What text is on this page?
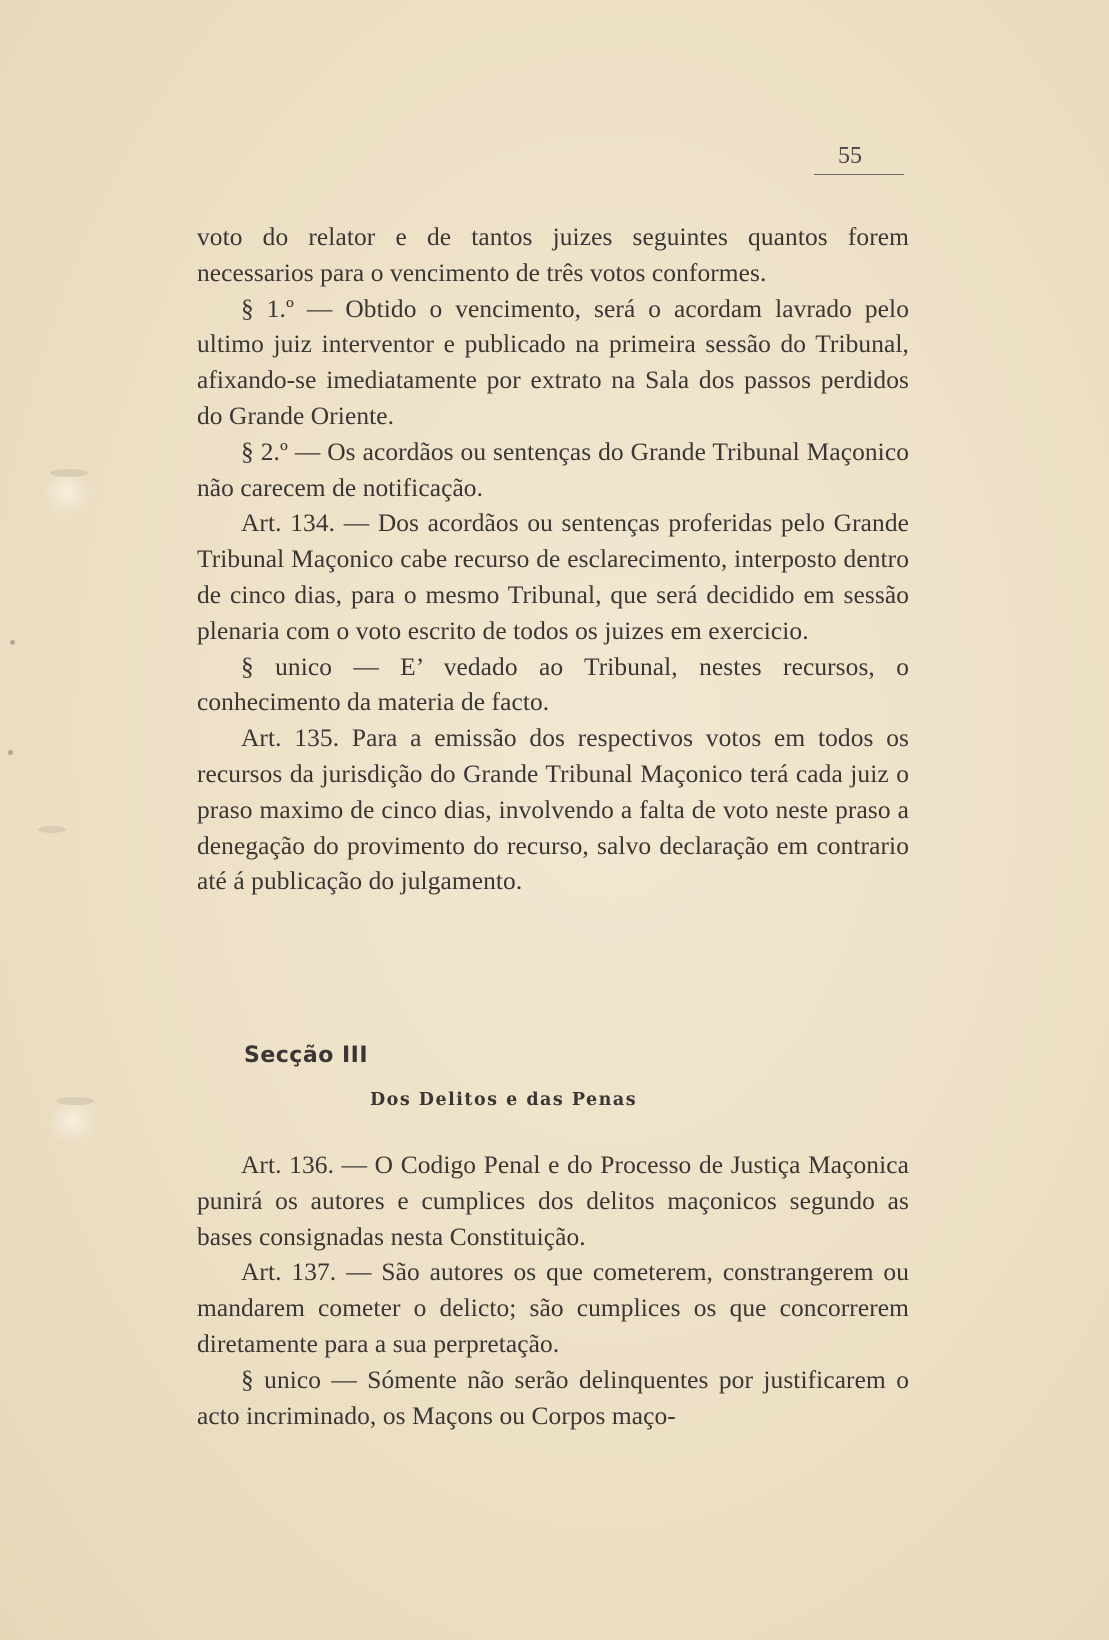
55

voto do relator e de tantos juizes seguintes quantos forem necessarios para o vencimento de três votos conformes.

§ 1.º — Obtido o vencimento, será o acordam lavrado pelo ultimo juiz interventor e publicado na primeira sessão do Tribunal, afixando-se imediatamente por extrato na Sala dos passos perdidos do Grande Oriente.

§ 2.º — Os acordãos ou sentenças do Grande Tribunal Maçonico não carecem de notificação.

Art. 134. — Dos acordãos ou sentenças proferidas pelo Grande Tribunal Maçonico cabe recurso de esclarecimento, interposto dentro de cinco dias, para o mesmo Tribunal, que será decidido em sessão plenaria com o voto escrito de todos os juizes em exercicio.

§ unico — E’ vedado ao Tribunal, nestes recursos, o conhecimento da materia de facto.

Art. 135. Para a emissão dos respectivos votos em todos os recursos da jurisdição do Grande Tribunal Maçonico terá cada juiz o praso maximo de cinco dias, involvendo a falta de voto neste praso a denegação do provimento do recurso, salvo declaração em contrario até á publicação do julgamento.

Secção III
Dos Delitos e das Penas

Art. 136. — O Codigo Penal e do Processo de Justiça Maçonica punirá os autores e cumplices dos delitos maçonicos segundo as bases consignadas nesta Constituição.

Art. 137. — São autores os que cometerem, constrangerem ou mandarem cometer o delicto; são cumplices os que concorrerem diretamente para a sua perpretação.

§ unico — Sómente não serão delinquentes por justificarem o acto incriminado, os Maçons ou Corpos maço-
